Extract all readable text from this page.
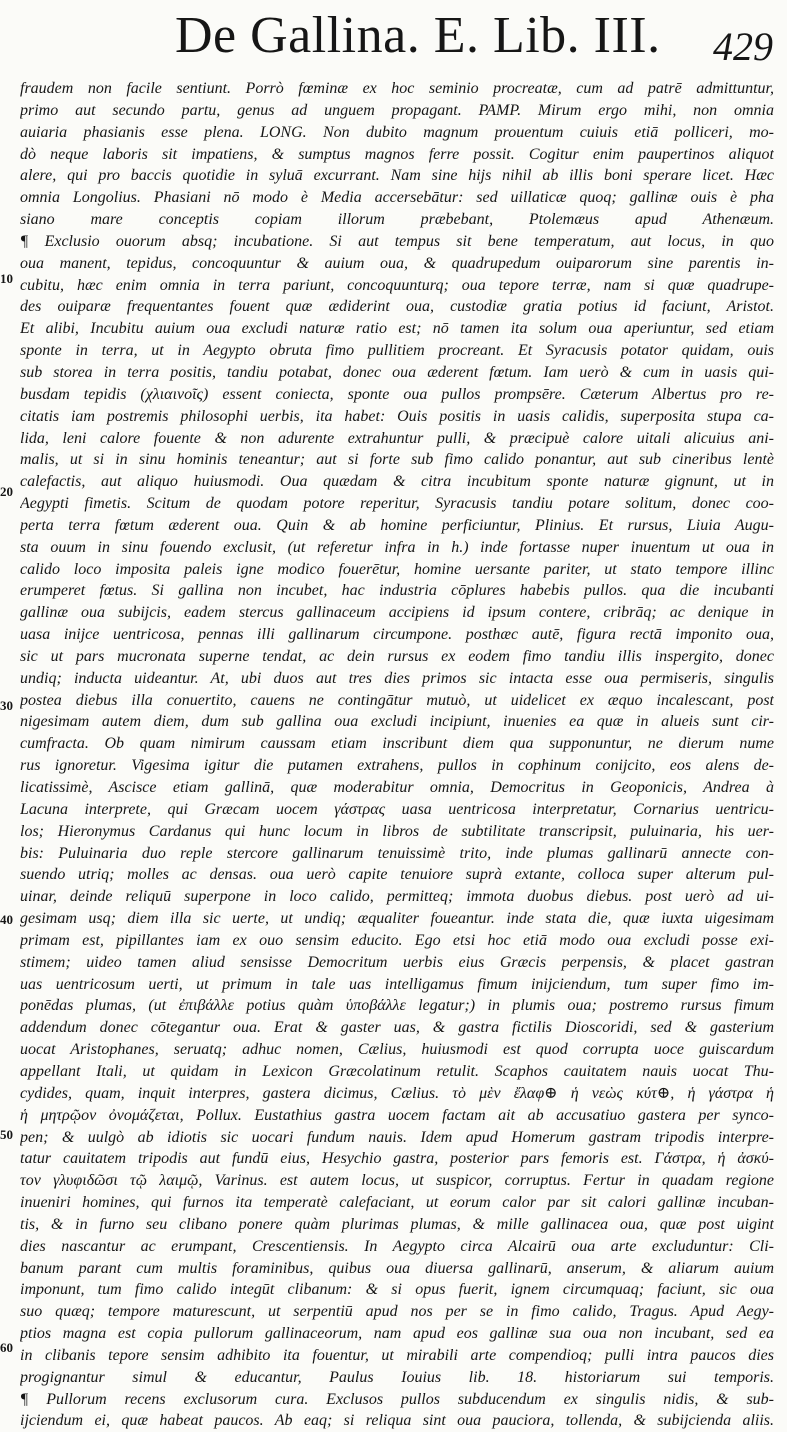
De Gallina. E. Lib. III. 429
10
20
30
40
50
60
fraudem non facile sentiunt. Porrò fœminæ ex hoc seminio procreatæ, cum ad patrē admittuntur,
primo aut secundo partu, genus ad unguem propagant. PAMP. Mirum ergo mihi, non omnia
auiaria phasianis esse plena. LONG. Non dubito magnum prouentum cuiuis etiā polliceri, mo-
dò neque laboris sit impatiens, & sumptus magnos ferre possit. Cogitur enim paupertinos aliquot
alere, qui pro baccis quotidie in syluā excurrant. Nam sine hijs nihil ab illis boni sperare licet. Hæc
omnia Longolius. Phasiani nō modo è Media accersebātur: sed uillaticæ quoq; gallinæ ouis è pha
siano mare conceptis copiam illorum præbebant, Ptolemæus apud Athenæum.
¶ Exclusio ouorum absq; incubatione. Si aut tempus sit bene temperatum, aut locus, in quo
oua manent, tepidus, concoquuntur & auium oua, & quadrupedum ouiparorum sine parentis in-
cubitu, hæc enim omnia in terra pariunt, concoquunturq; oua tepore terræ, nam si quæ quadrupe-
des ouiparæ frequentantes fouent quæ ædiderint oua, custodiæ gratia potius id faciunt, Aristot.
Et alibi, Incubitu auium oua excludi naturæ ratio est; nō tamen ita solum oua aperiuntur, sed etiam
sponte in terra, ut in Aegypto obruta fimo pullitiem procreant. Et Syracusis potator quidam, ouis
sub storea in terra positis, tandiu potabat, donec oua æderent fœtum. Iam uerò & cum in uasis qui-
busdam tepidis (χλιαινοῖς) essent coniecta, sponte oua pullos prompsēre. Cæterum Albertus pro re-
citatis iam postremis philosophi uerbis, ita habet: Ouis positis in uasis calidis, superposita stupa ca-
lida, leni calore fouente & non adurente extrahuntur pulli, & præcipuè calore uitali alicuius ani-
malis, ut si in sinu hominis teneantur; aut si forte sub fimo calido ponantur, aut sub cineribus lentè
calefactis, aut aliquo huiusmodi. Oua quædam & citra incubitum sponte naturæ gignunt, ut in
Aegypti fimetis. Scitum de quodam potore reperitur, Syracusis tandiu potare solitum, donec coo-
perta terra fœtum æderent oua. Quin & ab homine perficiuntur, Plinius. Et rursus, Liuia Augu-
sta ouum in sinu fouendo exclusit, (ut referetur infra in h.) inde fortasse nuper inuentum ut oua in
calido loco imposita paleis igne modico fouerētur, homine uersante pariter, ut stato tempore illinc
erumperet fœtus. Si gallina non incubet, hac industria cōplures habebis pullos. qua die incubanti
gallinæ oua subijcis, eadem stercus gallinaceum accipiens id ipsum contere, cribrāq; ac denique in
uasa inijce uentricosa, pennas illi gallinarum circumpone. posthæc autē, figura rectā imponito oua,
sic ut pars mucronata superne tendat, ac dein rursus ex eodem fimo tandiu illis inspergito, donec
undiq; inducta uideantur. At, ubi duos aut tres dies primos sic intacta esse oua permiseris, singulis
postea diebus illa conuertito, cauens ne contingātur mutuò, ut uidelicet ex æquo incalescant, post
nigesimam autem diem, dum sub gallina oua excludi incipiunt, inuenies ea quæ in alueis sunt cir-
cumfracta. Ob quam nimirum caussam etiam inscribunt diem qua supponuntur, ne dierum nume
rus ignoretur. Vigesima igitur die putamen extrahens, pullos in cophinum conijcito, eos alens de-
licatissimè, Ascisce etiam gallinā, quæ moderabitur omnia, Democritus in Geoponicis, Andrea à
Lacuna interprete, qui Græcam uocem γάστρας uasa uentricosa interpretatur, Cornarius uentricu-
los; Hieronymus Cardanus qui hunc locum in libros de subtilitate transcripsit, puluinaria, his uer-
bis: Puluinaria duo reple stercore gallinarum tenuissimè trito, inde plumas gallinarū annecte con-
suendo utriq; molles ac densas. oua uerò capite tenuiore suprà extante, colloca super alterum pul-
uinar, deinde reliquū superpone in loco calido, permitteq; immota duobus diebus. post uerò ad ui-
gesimam usq; diem illa sic uerte, ut undiq; æqualiter foueantur. inde stata die, quæ iuxta uigesimam
primam est, pipillantes iam ex ouo sensim educito. Ego etsi hoc etiā modo oua excludi posse exi-
stimem; uideo tamen aliud sensisse Democritum uerbis eius Græcis perpensis, & placet gastran
uas uentricosum uerti, ut primum in tale uas intelligamus fimum inijciendum, tum super fimo im-
ponēdas plumas, (ut ἐπιβάλλε potius quàm ὑποβάλλε legatur;) in plumis oua; postremo rursus fimum
addendum donec cōtegantur oua. Erat & gaster uas, & gastra fictilis Dioscoridi, sed & gasterium
uocat Aristophanes, seruatq; adhuc nomen, Cælius, huiusmodi est quod corrupta uoce guiscardum
appellant Itali, ut quidam in Lexicon Græcolatinum retulit. Scaphos cauitatem nauis uocat Thu-
cydides, quam, inquit interpres, gastera dicimus, Cælius. τὸ μὲν ἔλαφ⊕ ἡ νεὼς κύτ⊕, ἡ γάστρα ἡ
ἡ μητρῷον ὀνομάζεται, Pollux. Eustathius gastra uocem factam ait ab accusatiuo gastera per synco-
pen; & uulgò ab idiotis sic uocari fundum nauis. Idem apud Homerum gastram tripodis interpre-
tatur cauitatem tripodis aut fundū eius, Hesychio gastra, posterior pars femoris est. Γάστρα, ἡ ἀσκύ-
τον γλυφιδῶσι τῷ λαιμῷ, Varinus. est autem locus, ut suspicor, corruptus. Fertur in quadam regione
inueniri homines, qui furnos ita temperatè calefaciant, ut eorum calor par sit calori gallinæ incuban-
tis, & in furno seu clibano ponere quàm plurimas plumas, & mille gallinacea oua, quæ post uigint
dies nascantur ac erumpant, Crescentiensis. In Aegypto circa Alcairū oua arte excluduntur: Cli-
banum parant cum multis foraminibus, quibus oua diuersa gallinarū, anserum, & aliarum auium
imponunt, tum fimo calido integūt clibanum: & si opus fuerit, ignem circumquaq; faciunt, sic oua
suo quæq; tempore maturescunt, ut serpentiū apud nos per se in fimo calido, Tragus. Apud Aegy-
ptios magna est copia pullorum gallinaceorum, nam apud eos gallinæ sua oua non incubant, sed ea
in clibanis tepore sensim adhibito ita fouentur, ut mirabili arte compendioq; pulli intra paucos dies
progignantur simul & educantur, Paulus Iouius lib. 18. historiarum sui temporis.
¶ Pullorum recens exclusorum cura. Exclusos pullos subducendum ex singulis nidis, & sub-
ijciendum ei, quæ habeat paucos. Ab eaq; si reliqua sint oua pauciora, tollenda, & subijcienda aliis.
